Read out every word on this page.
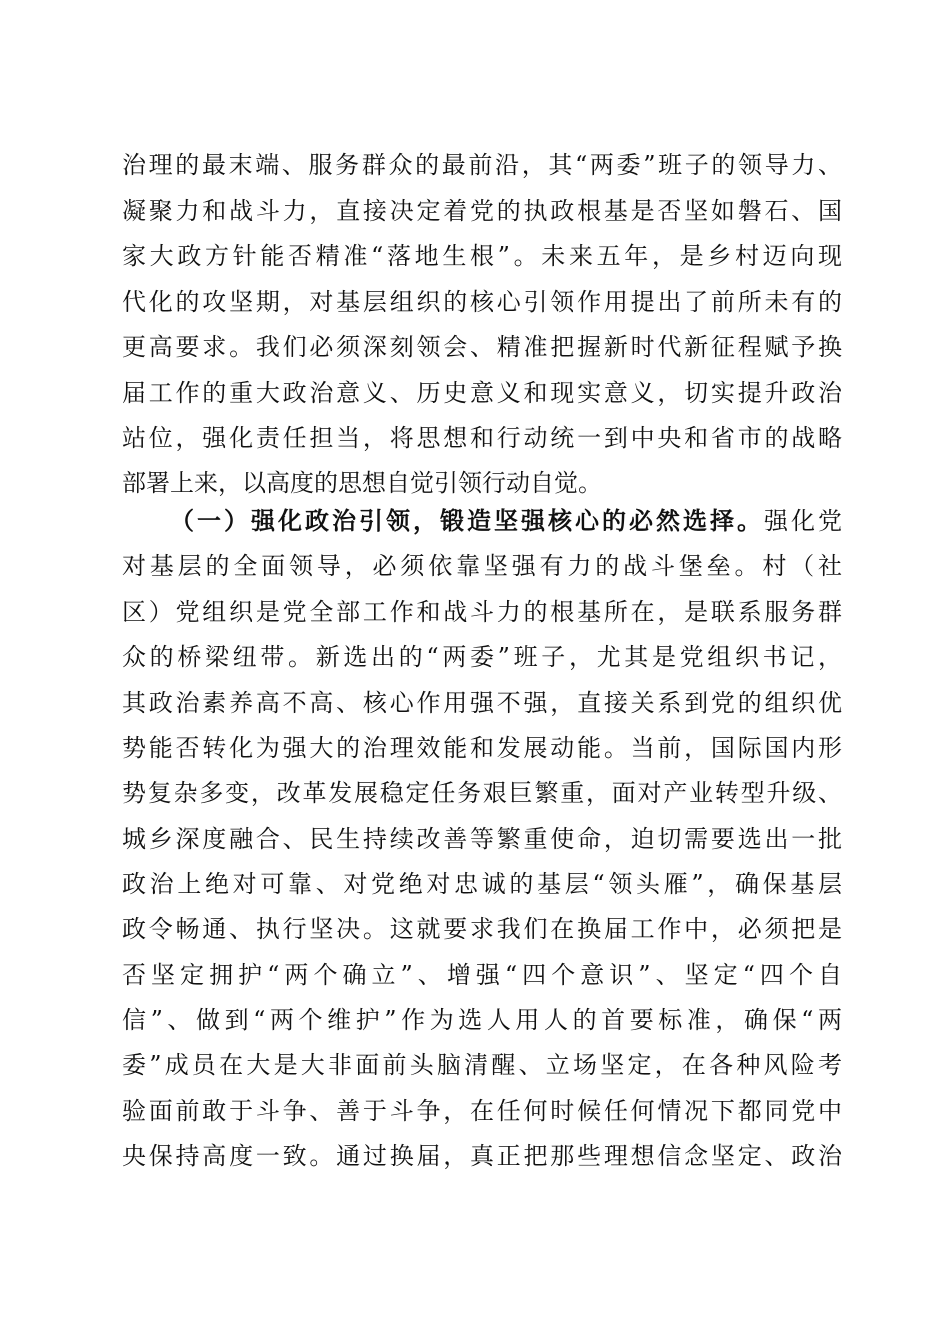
治理的最末端、服务群众的最前沿，其“两委”班子的领导力、
凝聚力和战斗力，直接决定着党的执政根基是否坚如磐石、国
家大政方针能否精准“落地生根”。未来五年，是乡村迈向现
代化的攻坚期，对基层组织的核心引领作用提出了前所未有的
更高要求。我们必须深刻领会、精准把握新时代新征程赋予换
届工作的重大政治意义、历史意义和现实意义，切实提升政治
站位，强化责任担当，将思想和行动统一到中央和省市的战略
部署上来，以高度的思想自觉引领行动自觉。
（一）强化政治引领，锻造坚强核心的必然选择。强化党
对基层的全面领导，必须依靠坚强有力的战斗堡垒。村（社
区）党组织是党全部工作和战斗力的根基所在，是联系服务群
众的桥梁纽带。新选出的“两委”班子，尤其是党组织书记，
其政治素养高不高、核心作用强不强，直接关系到党的组织优
势能否转化为强大的治理效能和发展动能。当前，国际国内形
势复杂多变，改革发展稳定任务艰巨繁重，面对产业转型升级、
城乡深度融合、民生持续改善等繁重使命，迫切需要选出一批
政治上绝对可靠、对党绝对忠诚的基层“领头雁”，确保基层
政令畅通、执行坚决。这就要求我们在换届工作中，必须把是
否坚定拥护“两个确立”、增强“四个意识”、坚定“四个自
信”、做到“两个维护”作为选人用人的首要标准，确保“两
委”成员在大是大非面前头脑清醒、立场坚定，在各种风险考
验面前敢于斗争、善于斗争，在任何时候任何情况下都同党中
央保持高度一致。通过换届，真正把那些理想信念坚定、政治
